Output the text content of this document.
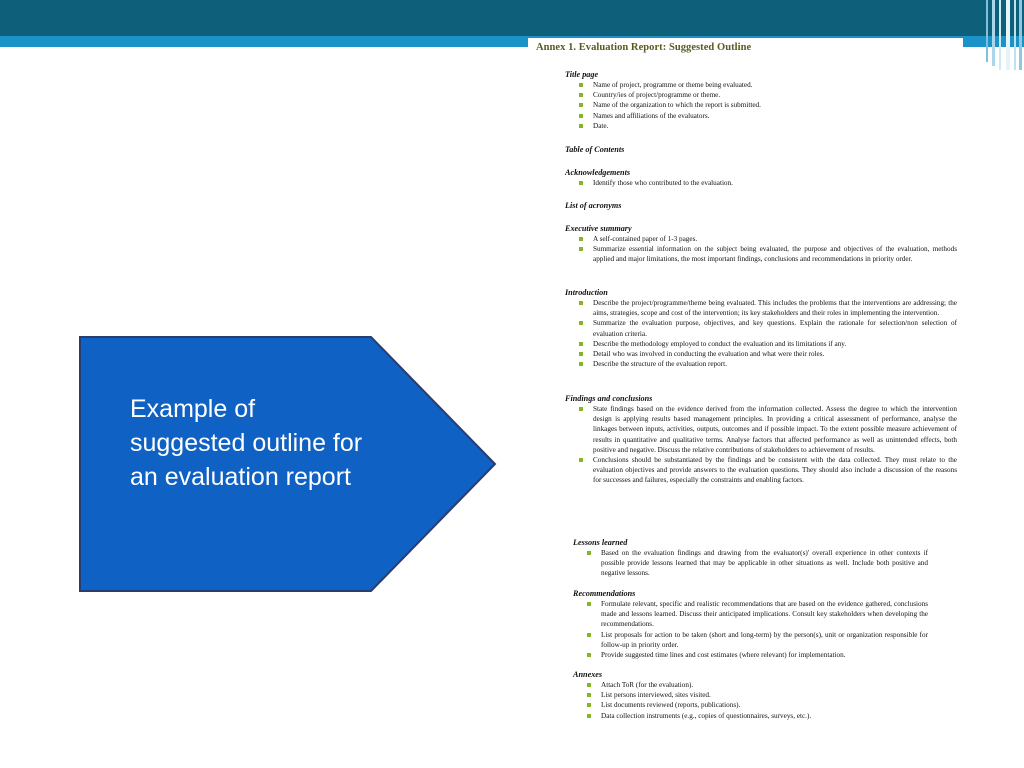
Example of suggested outline for an evaluation report
Annex 1. Evaluation Report: Suggested Outline
Title page
Name of project, programme or theme being evaluated.
Country/ies of project/programme or theme.
Name of the organization to which the report is submitted.
Names and affiliations of the evaluators.
Date.
Table of Contents
Acknowledgements
Identify those who contributed to the evaluation.
List of acronyms
Executive summary
A self-contained paper of 1-3 pages.
Summarize essential information on the subject being evaluated, the purpose and objectives of the evaluation, methods applied and major limitations, the most important findings, conclusions and recommendations in priority order.
Introduction
Describe the project/programme/theme being evaluated. This includes the problems that the interventions are addressing; the aims, strategies, scope and cost of the intervention; its key stakeholders and their roles in implementing the intervention.
Summarize the evaluation purpose, objectives, and key questions. Explain the rationale for selection/non selection of evaluation criteria.
Describe the methodology employed to conduct the evaluation and its limitations if any.
Detail who was involved in conducting the evaluation and what were their roles.
Describe the structure of the evaluation report.
Findings and conclusions
State findings based on the evidence derived from the information collected. Assess the degree to which the intervention design is applying results based management principles. In providing a critical assessment of performance, analyse the linkages between inputs, activities, outputs, outcomes and if possible impact. To the extent possible measure achievement of results in quantitative and qualitative terms. Analyse factors that affected performance as well as unintended effects, both positive and negative. Discuss the relative contributions of stakeholders to achievement of results.
Conclusions should be substantiated by the findings and be consistent with the data collected. They must relate to the evaluation objectives and provide answers to the evaluation questions. They should also include a discussion of the reasons for successes and failures, especially the constraints and enabling factors.
Lessons learned
Based on the evaluation findings and drawing from the evaluator(s)' overall experience in other contexts if possible provide lessons learned that may be applicable in other situations as well. Include both positive and negative lessons.
Recommendations
Formulate relevant, specific and realistic recommendations that are based on the evidence gathered, conclusions made and lessons learned. Discuss their anticipated implications. Consult key stakeholders when developing the recommendations.
List proposals for action to be taken (short and long-term) by the person(s), unit or organization responsible for follow-up in priority order.
Provide suggested time lines and cost estimates (where relevant) for implementation.
Annexes
Attach ToR (for the evaluation).
List persons interviewed, sites visited.
List documents reviewed (reports, publications).
Data collection instruments (e.g., copies of questionnaires, surveys, etc.).
